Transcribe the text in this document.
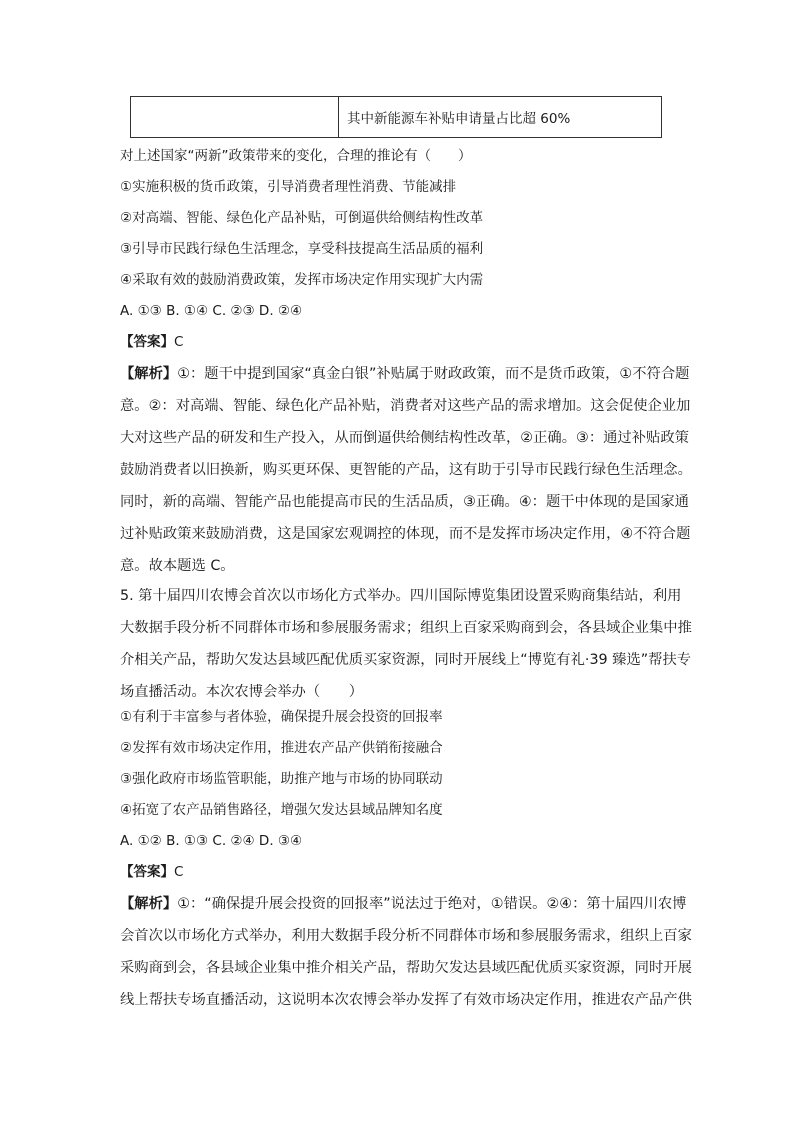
其中新能源车补贴申请量占比超 60%
对上述国家“两新”政策带来的变化，合理的推论有（　　）
①实施积极的货币政策，引导消费者理性消费、节能减排
②对高端、智能、绿色化产品补贴，可倒逼供给侧结构性改革
③引导市民践行绿色生活理念，享受科技提高生活品质的福利
④采取有效的鼓励消费政策，发挥市场决定作用实现扩大内需
A. ①③ B. ①④ C. ②③ D. ②④
【答案】C
【解析】①：题干中提到国家“真金白银”补贴属于财政政策，而不是货币政策，①不符合题
意。②：对高端、智能、绿色化产品补贴，消费者对这些产品的需求增加。这会促使企业加
大对这些产品的研发和生产投入，从而倒逼供给侧结构性改革，②正确。③：通过补贴政策
鼓励消费者以旧换新，购买更环保、更智能的产品，这有助于引导市民践行绿色生活理念。
同时，新的高端、智能产品也能提高市民的生活品质，③正确。④：题干中体现的是国家通
过补贴政策来鼓励消费，这是国家宏观调控的体现，而不是发挥市场决定作用，④不符合题
意。故本题选 C。
5. 第十届四川农博会首次以市场化方式举办。四川国际博览集团设置采购商集结站，利用
大数据手段分析不同群体市场和参展服务需求；组织上百家采购商到会，各县域企业集中推
介相关产品，帮助欠发达县域匹配优质买家资源，同时开展线上“博览有礼·39 臻选”帮扶专
场直播活动。本次农博会举办（　　）
①有利于丰富参与者体验，确保提升展会投资的回报率
②发挥有效市场决定作用，推进农产品产供销衔接融合
③强化政府市场监管职能，助推产地与市场的协同联动
④拓宽了农产品销售路径，增强欠发达县域品牌知名度
A. ①② B. ①③ C. ②④ D. ③④
【答案】C
【解析】①：“确保提升展会投资的回报率”说法过于绝对，①错误。②④：第十届四川农博
会首次以市场化方式举办，利用大数据手段分析不同群体市场和参展服务需求，组织上百家
采购商到会，各县域企业集中推介相关产品，帮助欠发达县域匹配优质买家资源，同时开展
线上帮扶专场直播活动，这说明本次农博会举办发挥了有效市场决定作用，推进农产品产供
